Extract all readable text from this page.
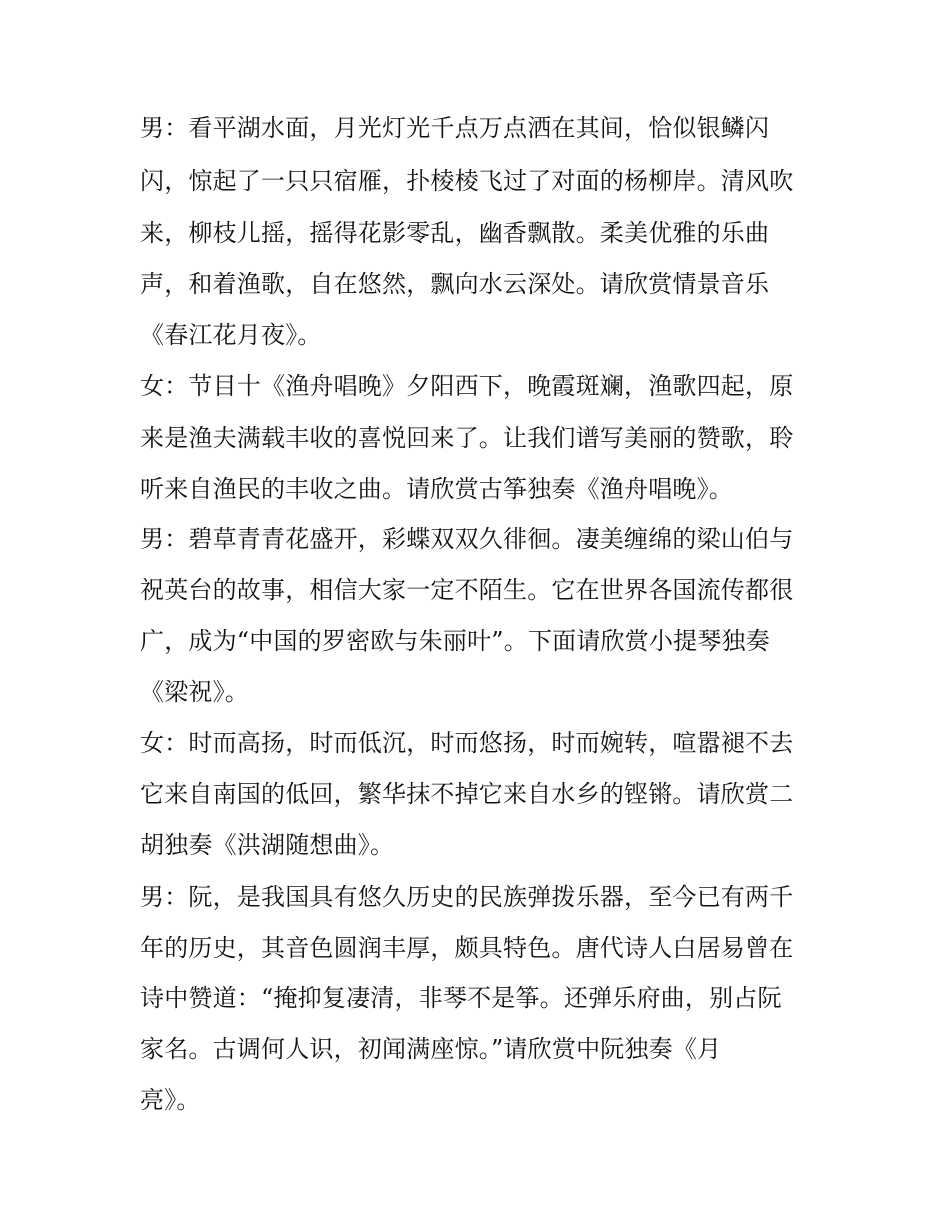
男：看平湖水面，月光灯光千点万点洒在其间，恰似银鳞闪
闪，惊起了一只只宿雁，扑棱棱飞过了对面的杨柳岸。清风吹
来，柳枝儿摇，摇得花影零乱，幽香飘散。柔美优雅的乐曲
声，和着渔歌，自在悠然，飘向水云深处。请欣赏情景音乐
《春江花月夜》。
女：节目十《渔舟唱晚》夕阳西下，晚霞斑斓，渔歌四起，原
来是渔夫满载丰收的喜悦回来了。让我们谱写美丽的赞歌，聆
听来自渔民的丰收之曲。请欣赏古筝独奏《渔舟唱晚》。
男：碧草青青花盛开，彩蝶双双久徘徊。凄美缠绵的梁山伯与
祝英台的故事，相信大家一定不陌生。它在世界各国流传都很
广，成为“中国的罗密欧与朱丽叶”。下面请欣赏小提琴独奏
《梁祝》。
女：时而高扬，时而低沉，时而悠扬，时而婉转，喧嚣褪不去
它来自南国的低回，繁华抹不掉它来自水乡的铿锵。请欣赏二
胡独奏《洪湖随想曲》。
男：阮，是我国具有悠久历史的民族弹拨乐器，至今已有两千
年的历史，其音色圆润丰厚，颇具特色。唐代诗人白居易曾在
诗中赞道：“掩抑复凄清，非琴不是筝。还弹乐府曲，别占阮
家名。古调何人识，初闻满座惊。”请欣赏中阮独奏《月
亮》。
